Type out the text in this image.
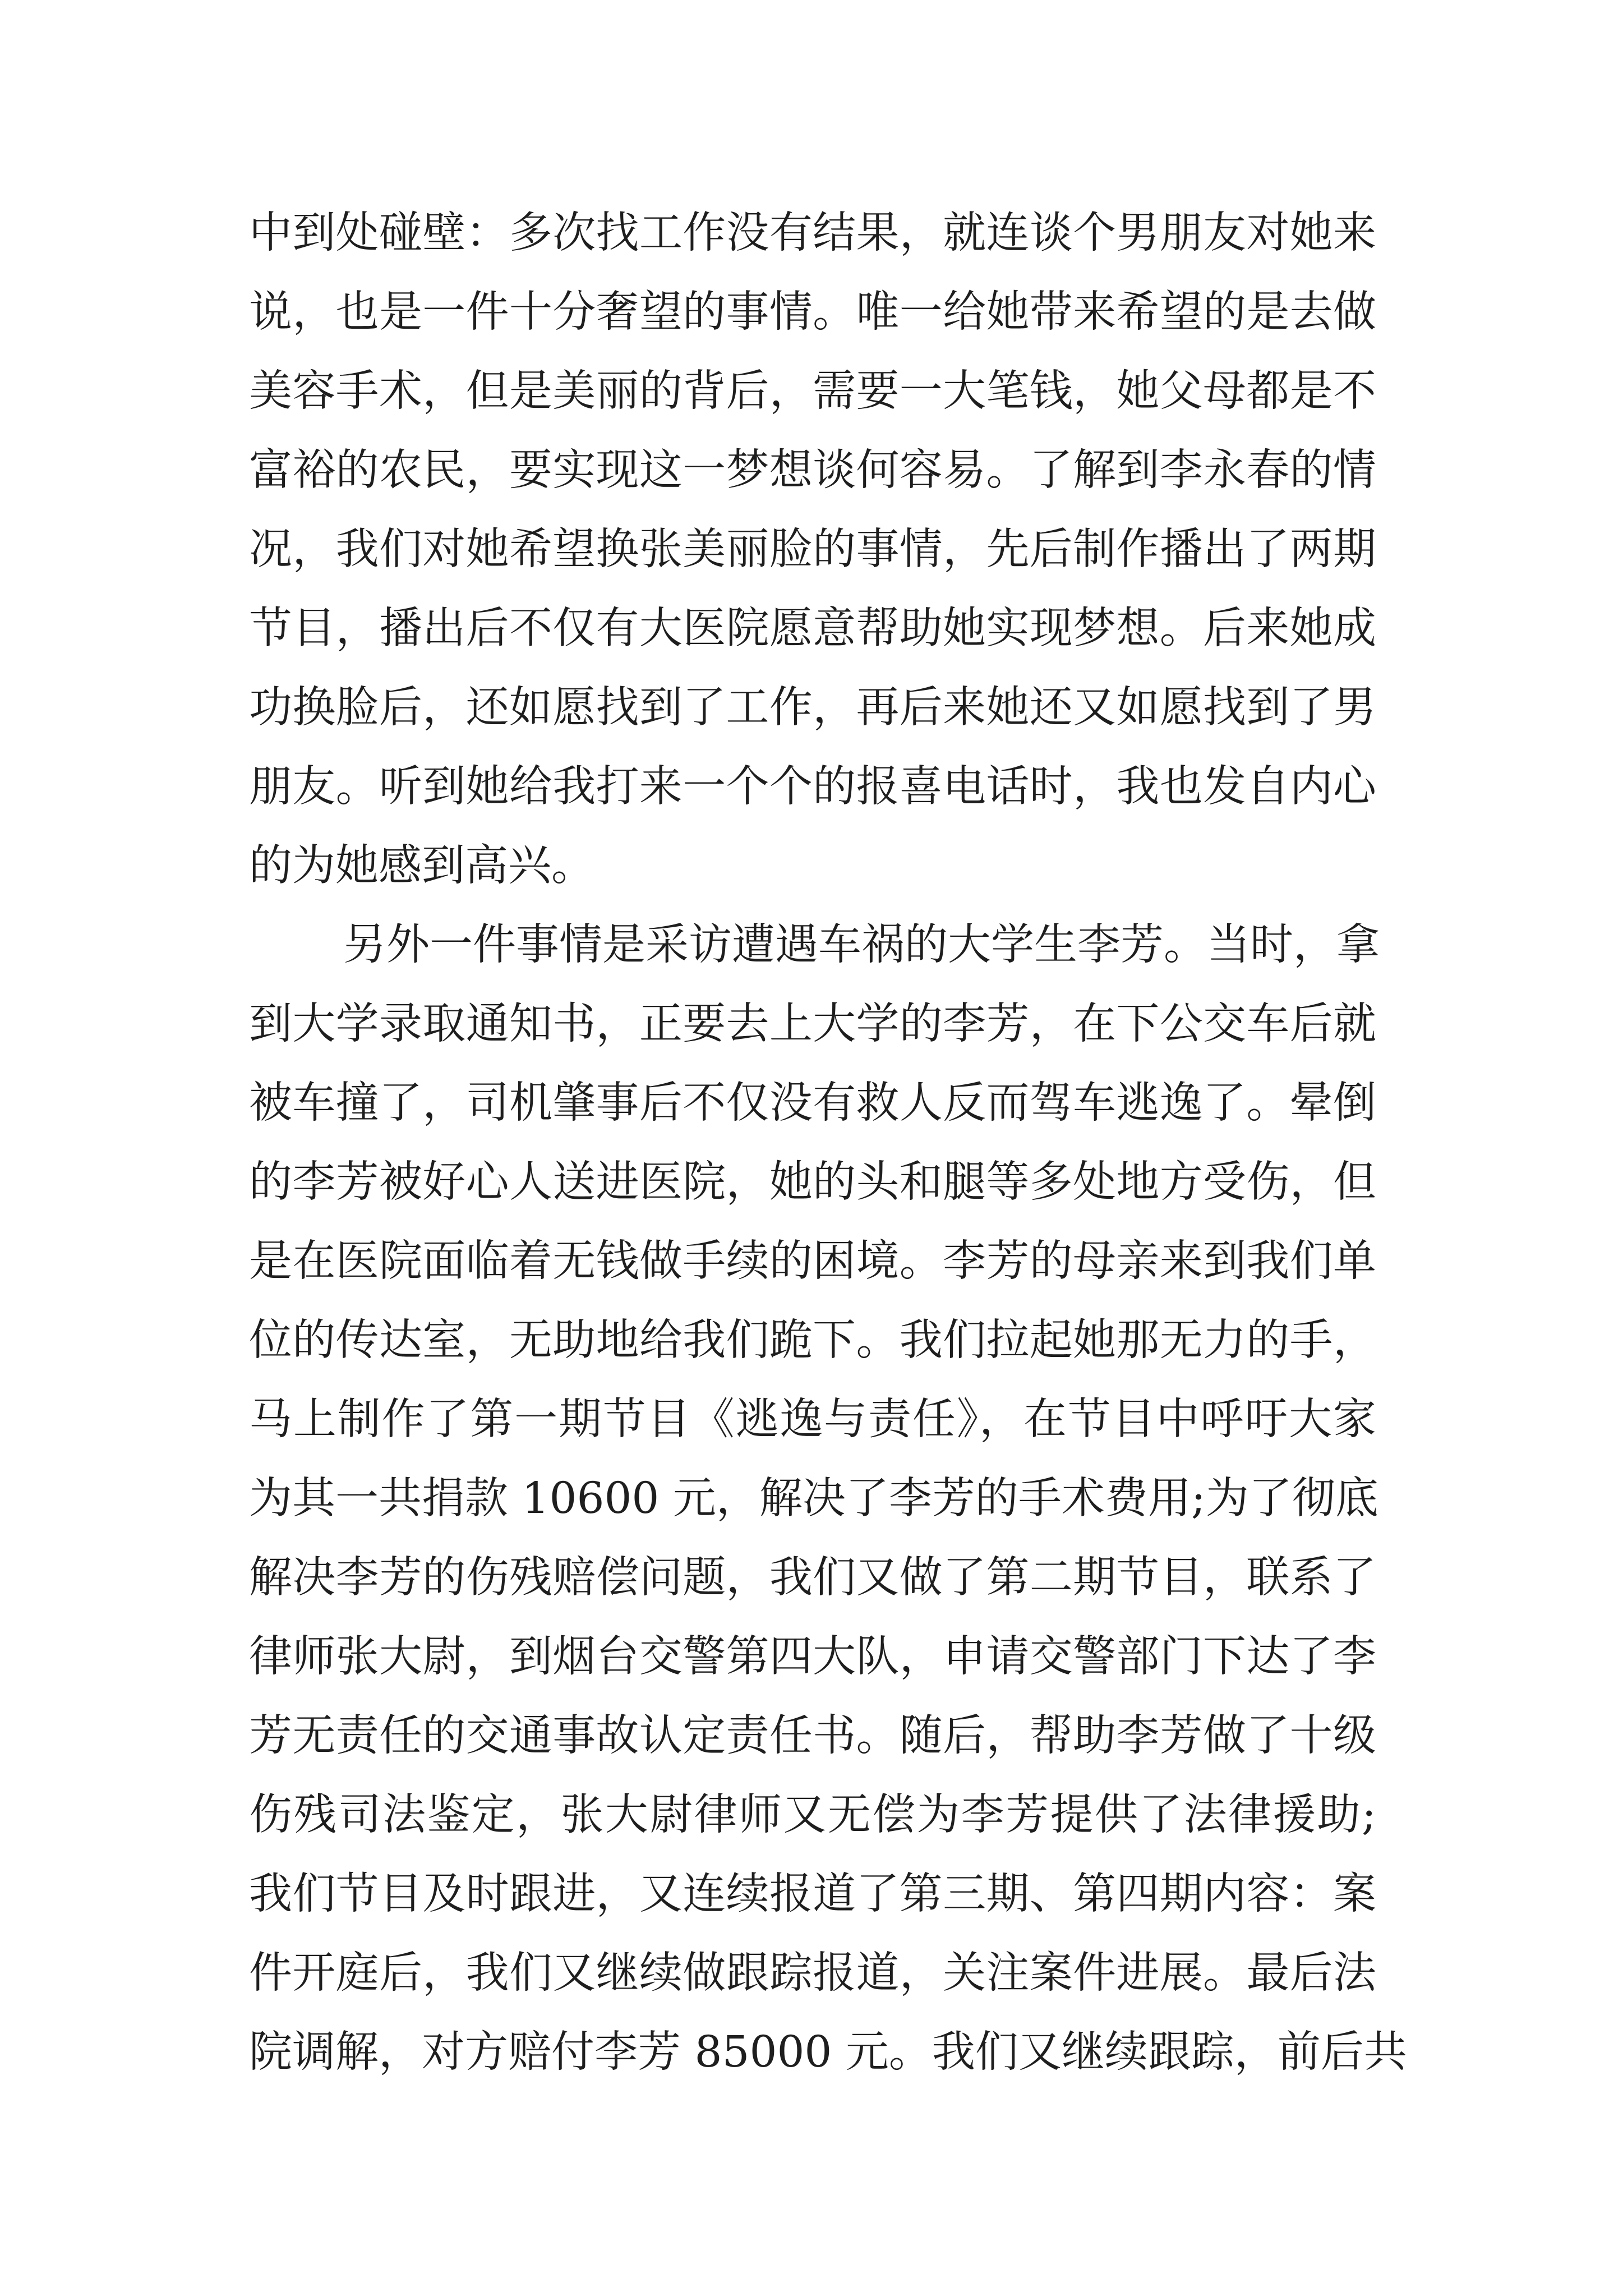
中到处碰壁：多次找工作没有结果，就连谈个男朋友对她来
说，也是一件十分奢望的事情。唯一给她带来希望的是去做
美容手术，但是美丽的背后，需要一大笔钱，她父母都是不
富裕的农民，要实现这一梦想谈何容易。了解到李永春的情
况，我们对她希望换张美丽脸的事情，先后制作播出了两期
节目，播出后不仅有大医院愿意帮助她实现梦想。后来她成
功换脸后，还如愿找到了工作，再后来她还又如愿找到了男
朋友。听到她给我打来一个个的报喜电话时，我也发自内心
的为她感到高兴。
另外一件事情是采访遭遇车祸的大学生李芳。当时，拿
到大学录取通知书，正要去上大学的李芳，在下公交车后就
被车撞了，司机肇事后不仅没有救人反而驾车逃逸了。晕倒
的李芳被好心人送进医院，她的头和腿等多处地方受伤，但
是在医院面临着无钱做手续的困境。李芳的母亲来到我们单
位的传达室，无助地给我们跪下。我们拉起她那无力的手，
马上制作了第一期节目《逃逸与责任》，在节目中呼吁大家
为其一共捐款 10600 元，解决了李芳的手术费用;为了彻底
解决李芳的伤残赔偿问题，我们又做了第二期节目，联系了
律师张大尉，到烟台交警第四大队，申请交警部门下达了李
芳无责任的交通事故认定责任书。随后，帮助李芳做了十级
伤残司法鉴定，张大尉律师又无偿为李芳提供了法律援助;
我们节目及时跟进，又连续报道了第三期、第四期内容：案
件开庭后，我们又继续做跟踪报道，关注案件进展。最后法
院调解，对方赔付李芳 85000 元。我们又继续跟踪，前后共
